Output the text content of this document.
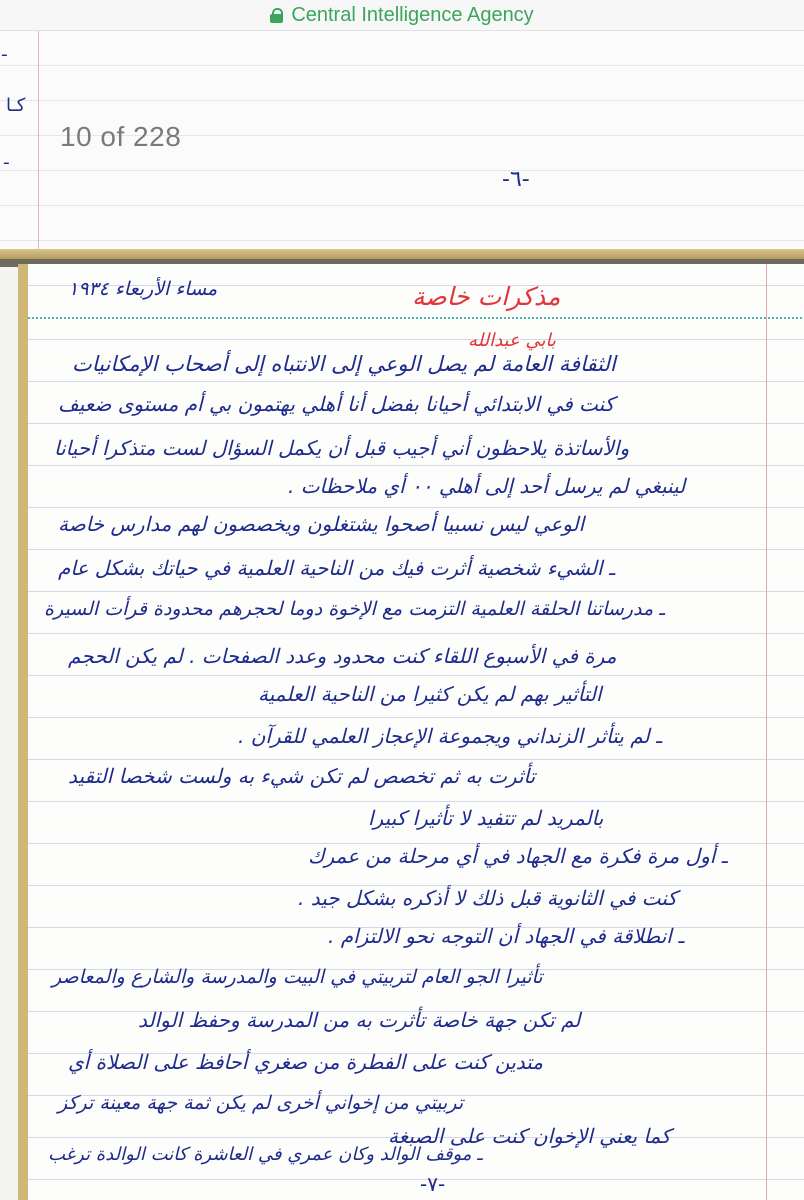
Central Intelligence Agency
ـ
كـا
ـ
10 of 228
-٦-
مساء الأربعاء ١٩٣٤	مذكرات خاصة
بابي عبدالله
الثقافة العامة لم يصل الوعي إلى الانتباه إلى أصحاب الإمكانيات
كنت في الابتدائي أحيانا بفضل أنا أهلي يهتمون بي أم مستوى ضعيف
والأساتذة يلاحظون أني أجيب قبل أن يكمل السؤال لست متذكرا أحيانا
لينبغي لم يرسل أحد إلى أهلي ٠٠ أي ملاحظات .
الوعي ليس نسبيا أصحوا يشتغلون ويخصصون لهم مدارس خاصة
ـ الشيء شخصية أثرت فيك من الناحية العلمية في حياتك بشكل عام
ـ مدرساتنا الحلقة العلمية التزمت مع الإخوة دوما لحجرهم محدودة قرأت السيرة
مرة في الأسبوع اللقاء كنت محدود وعدد الصفحات . لم يكن الحجم
التأثير بهم لم يكن كثيرا من الناحية العلمية
ـ لم يتأثر الزنداني ويجموعة الإعجاز العلمي للقرآن .
تأثرت به ثم تخصص لم تكن شيء به ولست شخصا التقيد
بالمريد لم تتفيد لا تأثيرا كبيرا
ـ أول مرة فكرة مع الجهاد في أي مرحلة من عمرك
كنت في الثانوية قبل ذلك لا أذكره بشكل جيد .
ـ انطلاقة في الجهاد أن التوجه نحو الالتزام .
تأثيرا الجو العام لتربيتي في البيت والمدرسة والشارع والمعاصر
لم تكن جهة خاصة تأثرت به من المدرسة وحفظ الوالد
متدين كنت على الفطرة من صغري أحافظ على الصلاة أي
تربيتي من إخواني أخرى لم يكن ثمة جهة معينة تركز
كما يعني الإخوان كنت على الصبغة
ـ موقف الوالد وكان عمري في العاشرة كانت الوالدة ترغب
-٧-
